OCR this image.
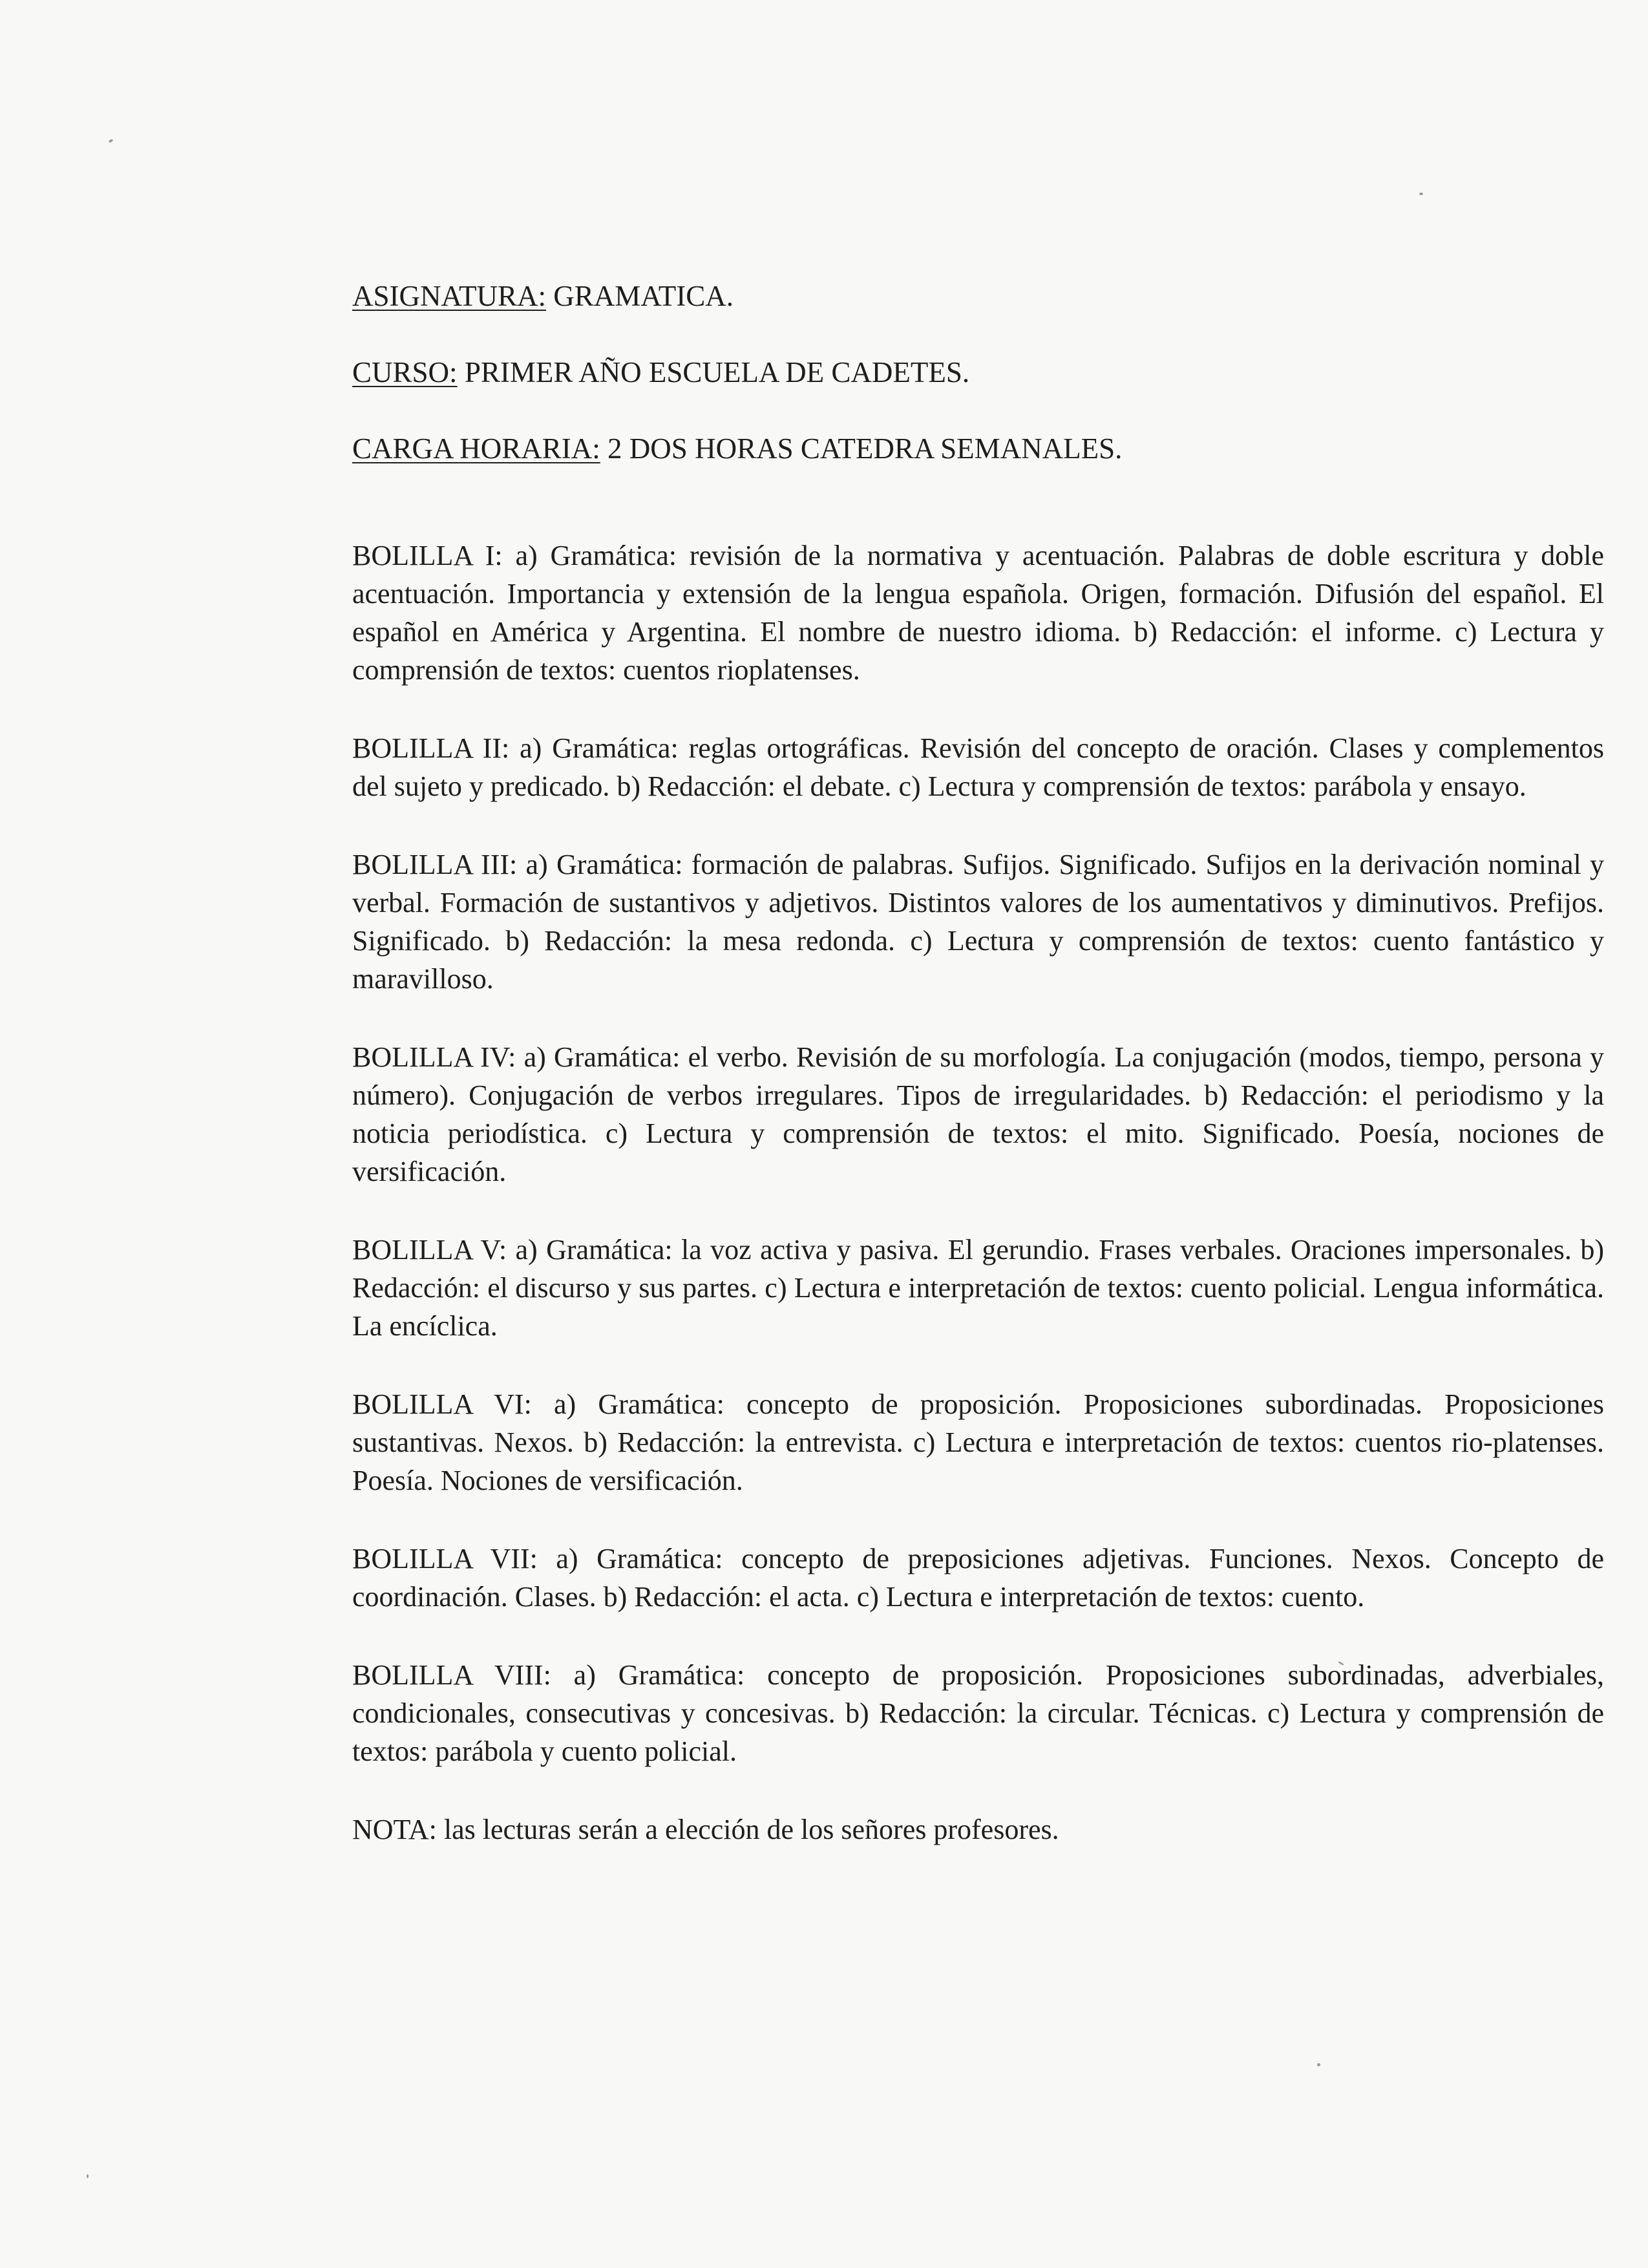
ASIGNATURA: GRAMATICA.
CURSO: PRIMER AÑO ESCUELA DE CADETES.
CARGA HORARIA: 2 DOS HORAS CATEDRA SEMANALES.

BOLILLA I: a) Gramática: revisión de la normativa y acentuación. Palabras de doble escritura y doble acentuación. Importancia y extensión de la lengua española. Origen, formación. Difusión del español. El español en América y Argentina. El nombre de nuestro idioma. b) Redacción: el informe. c) Lectura y comprensión de textos: cuentos rioplatenses.

BOLILLA II: a) Gramática: reglas ortográficas. Revisión del concepto de oración. Clases y complementos del sujeto y predicado. b) Redacción: el debate. c) Lectura y comprensión de textos: parábola y ensayo.

BOLILLA III: a) Gramática: formación de palabras. Sufijos. Significado. Sufijos en la derivación nominal y verbal. Formación de sustantivos y adjetivos. Distintos valores de los aumentativos y diminutivos. Prefijos. Significado. b) Redacción: la mesa redonda. c) Lectura y comprensión de textos: cuento fantástico y maravilloso.

BOLILLA IV: a) Gramática: el verbo. Revisión de su morfología. La conjugación (modos, tiempo, persona y número). Conjugación de verbos irregulares. Tipos de irregularidades. b) Redacción: el periodismo y la noticia periodística. c) Lectura y comprensión de textos: el mito. Significado. Poesía, nociones de versificación.

BOLILLA V: a) Gramática: la voz activa y pasiva. El gerundio. Frases verbales. Oraciones impersonales. b) Redacción: el discurso y sus partes. c) Lectura e interpretación de textos: cuento policial. Lengua informática. La encíclica.

BOLILLA VI: a) Gramática: concepto de proposición. Proposiciones subordinadas. Proposiciones sustantivas. Nexos. b) Redacción: la entrevista. c) Lectura e interpretación de textos: cuentos rio-platenses. Poesía. Nociones de versificación.

BOLILLA VII: a) Gramática: concepto de preposiciones adjetivas. Funciones. Nexos. Concepto de coordinación. Clases. b) Redacción: el acta. c) Lectura e interpretación de textos: cuento.

BOLILLA VIII: a) Gramática: concepto de proposición. Proposiciones subordinadas, adverbiales, condicionales, consecutivas y concesivas. b) Redacción: la circular. Técnicas. c) Lectura y comprensión de textos: parábola y cuento policial.

NOTA: las lecturas serán a elección de los señores profesores.
